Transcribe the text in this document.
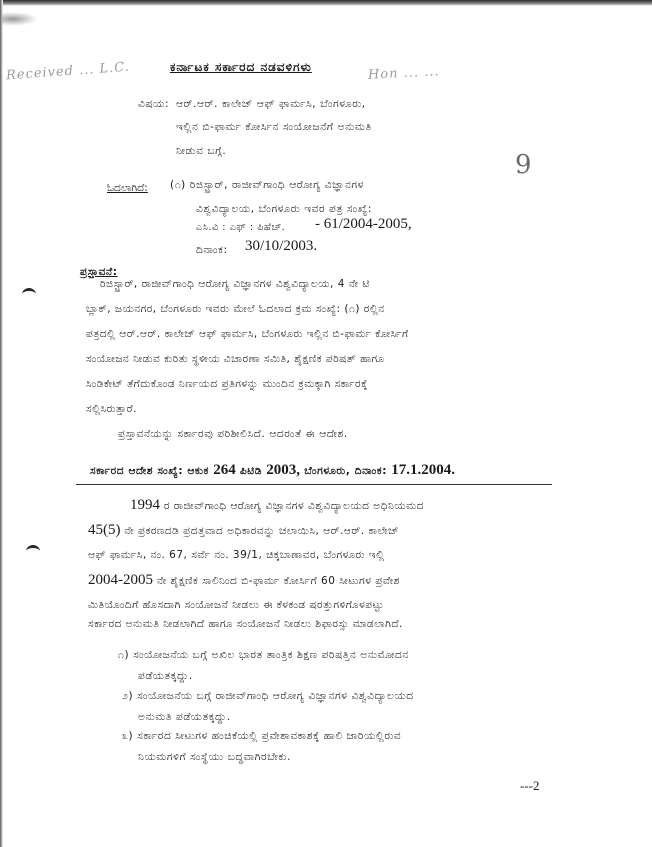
Received ... L.C.	Hon ... ...
9
ಕರ್ನಾಟಕ ಸರ್ಕಾರದ ನಡವಳಿಗಳು
ವಿಷಯ: ಆರ್.ಆರ್. ಕಾಲೇಜ್ ಆಫ್ ಫಾರ್ಮಸಿ, ಬೆಂಗಳೂರು,
ಇಲ್ಲಿನ ಬಿ-ಫಾರ್ಮ ಕೋರ್ಸಿನ ಸಂಯೋಜನೆಗೆ ಅನುಮತಿ
ನೀಡುವ ಬಗ್ಗೆ.
ಓದಲಾಗಿದೆ: (೧) ರಿಜಿಸ್ಟ್ರಾರ್, ರಾಜೀವ್‌ಗಾಂಧಿ ಆರೋಗ್ಯ ವಿಜ್ಞಾನಗಳ
ವಿಶ್ವವಿದ್ಯಾಲಯ, ಬೆಂಗಳೂರು ಇವರ ಪತ್ರ ಸಂಖ್ಯೆ:
ಎಸಿ.ವಿ : ಎಫ್ : ಪಿಹೆಚ್. - 61/2004-2005,
ದಿನಾಂಕ: 30/10/2003.
ಪ್ರಸ್ತಾವನೆ:
ರಿಜಿಸ್ಟ್ರಾರ್, ರಾಜೀವ್‌ಗಾಂಧಿ ಆರೋಗ್ಯ ವಿಜ್ಞಾನಗಳ ವಿಶ್ವವಿದ್ಯಾಲಯ, 4 ನೇ ಟಿ
ಬ್ಲಾಕ್, ಜಯನಗರ, ಬೆಂಗಳೂರು ಇವರು ಮೇಲೆ ಓದಲಾದ ಕ್ರಮ ಸಂಖ್ಯೆ: (೧) ರಲ್ಲಿನ
ಪತ್ರದಲ್ಲಿ ಆರ್.ಆರ್. ಕಾಲೇಜ್ ಆಫ್ ಫಾರ್ಮಸಿ, ಬೆಂಗಳೂರು ಇಲ್ಲಿನ ಬಿ-ಫಾರ್ಮ ಕೋರ್ಸಿಗೆ
ಸಂಯೋಜನ ನೀಡುವ ಕುರಿತು ಸ್ಥಳೀಯ ವಿಚಾರಣಾ ಸಮಿತಿ, ಶೈಕ್ಷಣಿಕ ಪರಿಷತ್ ಹಾಗೂ
ಸಿಂಡಿಕೇಟ್ ತೆಗೆದುಕೊಂಡ ನಿರ್ಣಯದ ಪ್ರತಿಗಳನ್ನು ಮುಂದಿನ ಕ್ರಮಕ್ಕಾಗಿ ಸರ್ಕಾರಕ್ಕೆ
ಸಲ್ಲಿಸಿರುತ್ತಾರೆ.
ಪ್ರಸ್ತಾವನೆಯನ್ನು ಸರ್ಕಾರವು ಪರಿಶೀಲಿಸಿದೆ. ಆದರಂತೆ ಈ ಆದೇಶ.
ಸರ್ಕಾರದ ಆದೇಶ ಸಂಖ್ಯೆ: ಆಕುಕ 264 ಪಿಟಿಡಿ 2003, ಬೆಂಗಳೂರು, ದಿನಾಂಕ: 17.1.2004.
1994 ರ ರಾಜೀವ್‌ಗಾಂಧಿ ಆರೋಗ್ಯ ವಿಜ್ಞಾನಗಳ ವಿಶ್ವವಿದ್ಯಾಲಯದ ಅಧಿನಿಯಮದ
45(5) ನೇ ಪ್ರಕರಣದಡಿ ಪ್ರದತ್ತವಾದ ಅಧಿಕಾರವನ್ನು ಚಲಾಯಿಸಿ, ಆರ್.ಆರ್. ಕಾಲೇಜ್
ಆಫ್ ಫಾರ್ಮಸಿ, ನಂ. 67, ಸರ್ವೆ ನಂ. 39/1, ಚಿಕ್ಕಬಾಣಾವರ, ಬೆಂಗಳೂರು ಇಲ್ಲಿ
2004-2005 ನೇ ಶೈಕ್ಷಣಿಕ ಸಾಲಿನಿಂದ ಬಿ-ಫಾರ್ಮ ಕೋರ್ಸಿಗೆ 60 ಸೀಟುಗಳ ಪ್ರವೇಶ
ಮಿತಿಯೊಂದಿಗೆ ಹೊಸದಾಗಿ ಸಂಯೋಜನೆ ನೀಡಲು ಈ ಕೆಳಕಂಡ ಷರತ್ತುಗಳಿಗೊಳಪಟ್ಟು
ಸರ್ಕಾರದ ಅನುಮತಿ ನೀಡಲಾಗಿದೆ ಹಾಗೂ ಸಂಯೋಜನೆ ನೀಡಲು ಶಿಫಾರಸ್ಸು ಮಾಡಲಾಗಿದೆ.
೧) ಸಂಯೋಜನೆಯ ಬಗ್ಗೆ ಅಖಿಲ ಭಾರತ ತಾಂತ್ರಿಕ ಶಿಕ್ಷಣ ಪರಿಷತ್ತಿನ ಅನುಮೋದನ
ಪಡೆಯತಕ್ಕದ್ದು.
೨) ಸಂಯೋಜನೆಯ ಬಗ್ಗೆ ರಾಜೀವ್‌ಗಾಂಧಿ ಆರೋಗ್ಯ ವಿಜ್ಞಾನಗಳ ವಿಶ್ವವಿದ್ಯಾಲಯದ
ಅನುಮತಿ ಪಡೆಯತಕ್ಕದ್ದು.
೩) ಸರ್ಕಾರದ ಸೀಟುಗಳ ಹಂಚಿಕೆಯಲ್ಲಿ ಪ್ರವೇಶಾವಕಾಶಕ್ಕೆ ಹಾಲಿ ಜಾರಿಯಲ್ಲಿರುವ
ನಿಯಮಗಳಿಗೆ ಸಂಸ್ಥೆಯು ಬದ್ಧವಾಗಿರಬೇಕು.
---2
